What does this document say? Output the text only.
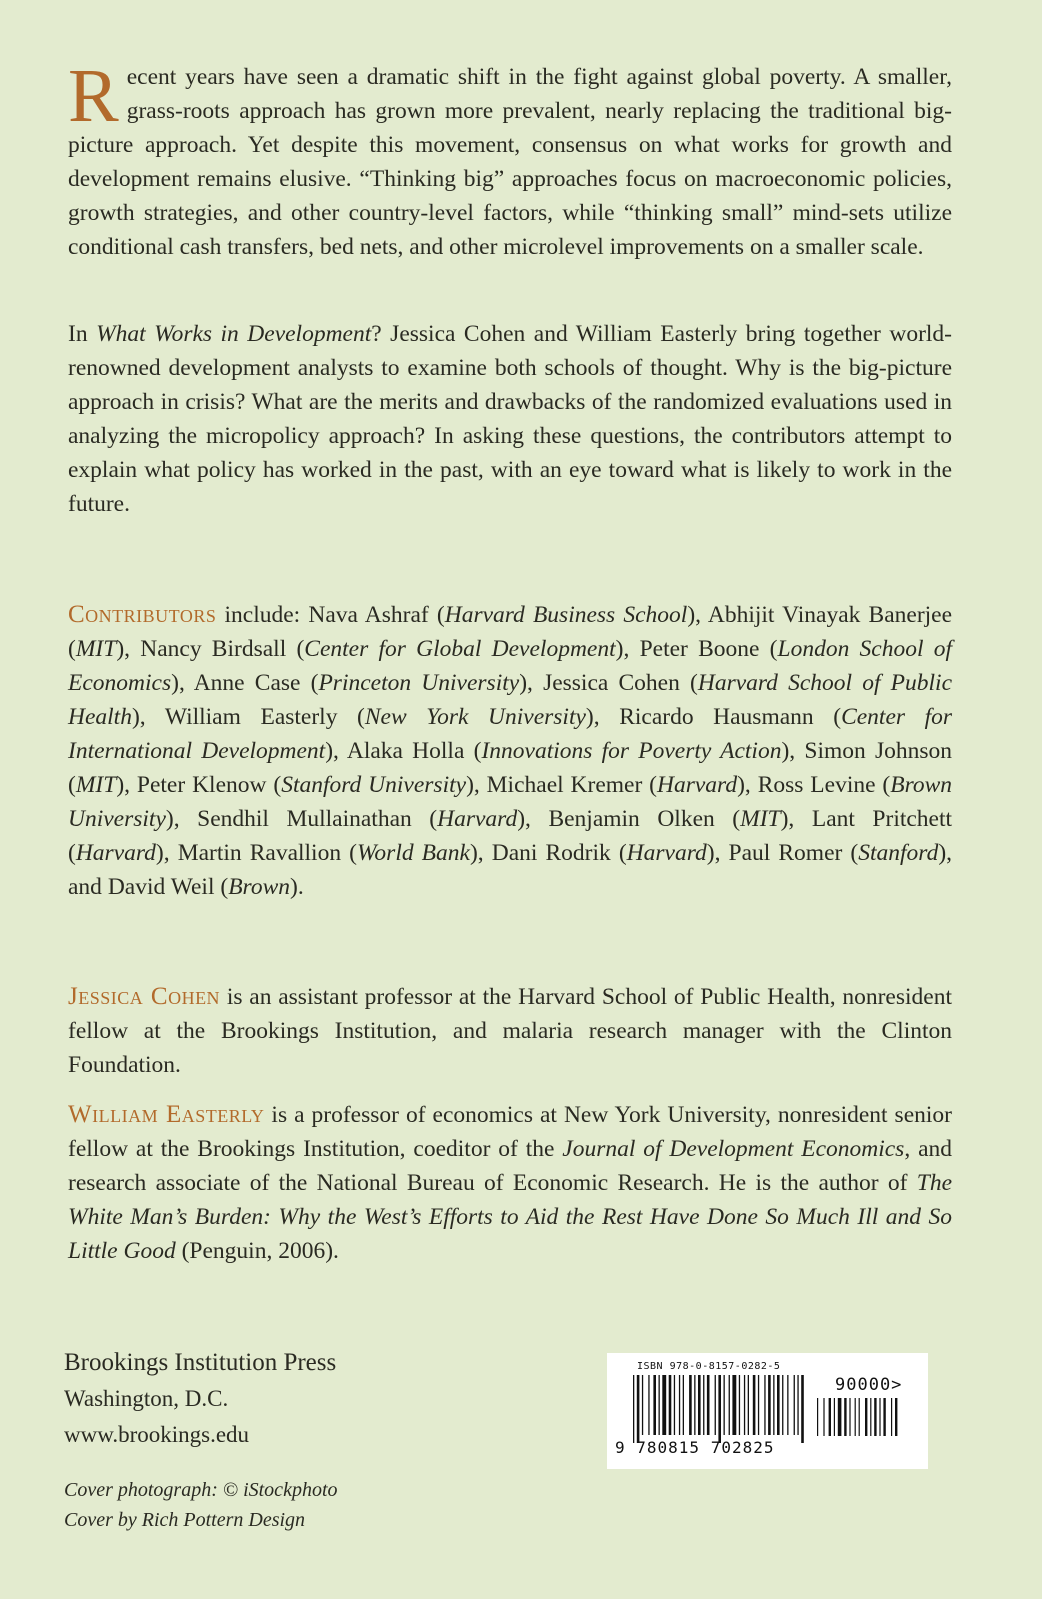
Recent years have seen a dramatic shift in the fight against global poverty. A smaller, grass-roots approach has grown more prevalent, nearly replacing the traditional big-picture approach. Yet despite this movement, consensus on what works for growth and development remains elusive. “Thinking big” approaches focus on macroeconomic policies, growth strategies, and other country-level factors, while “thinking small” mind-sets utilize conditional cash transfers, bed nets, and other microlevel improvements on a smaller scale.

In What Works in Development? Jessica Cohen and William Easterly bring together world-renowned development analysts to examine both schools of thought. Why is the big-picture approach in crisis? What are the merits and drawbacks of the randomized evaluations used in analyzing the micropolicy approach? In asking these questions, the contributors attempt to explain what policy has worked in the past, with an eye toward what is likely to work in the future.

Contributors include: Nava Ashraf (Harvard Business School), Abhijit Vinayak Banerjee (MIT), Nancy Birdsall (Center for Global Development), Peter Boone (London School of Economics), Anne Case (Princeton University), Jessica Cohen (Harvard School of Public Health), William Easterly (New York University), Ricardo Hausmann (Center for International Development), Alaka Holla (Innovations for Poverty Action), Simon Johnson (MIT), Peter Klenow (Stanford University), Michael Kremer (Harvard), Ross Levine (Brown University), Sendhil Mullainathan (Harvard), Benjamin Olken (MIT), Lant Pritchett (Harvard), Martin Ravallion (World Bank), Dani Rodrik (Harvard), Paul Romer (Stanford), and David Weil (Brown).

Jessica Cohen is an assistant professor at the Harvard School of Public Health, nonresident fellow at the Brookings Institution, and malaria research manager with the Clinton Foundation.

William Easterly is a professor of economics at New York University, nonresident senior fellow at the Brookings Institution, coeditor of the Journal of Development Economics, and research associate of the National Bureau of Economic Research. He is the author of The White Man’s Burden: Why the West’s Efforts to Aid the Rest Have Done So Much Ill and So Little Good (Penguin, 2006).

Brookings Institution Press
Washington, D.C.
www.brookings.edu
Cover photograph: © iStockphoto
Cover by Rich Pottern Design
ISBN 978-0-8157-0282-5
90000>
9 780815 702825
